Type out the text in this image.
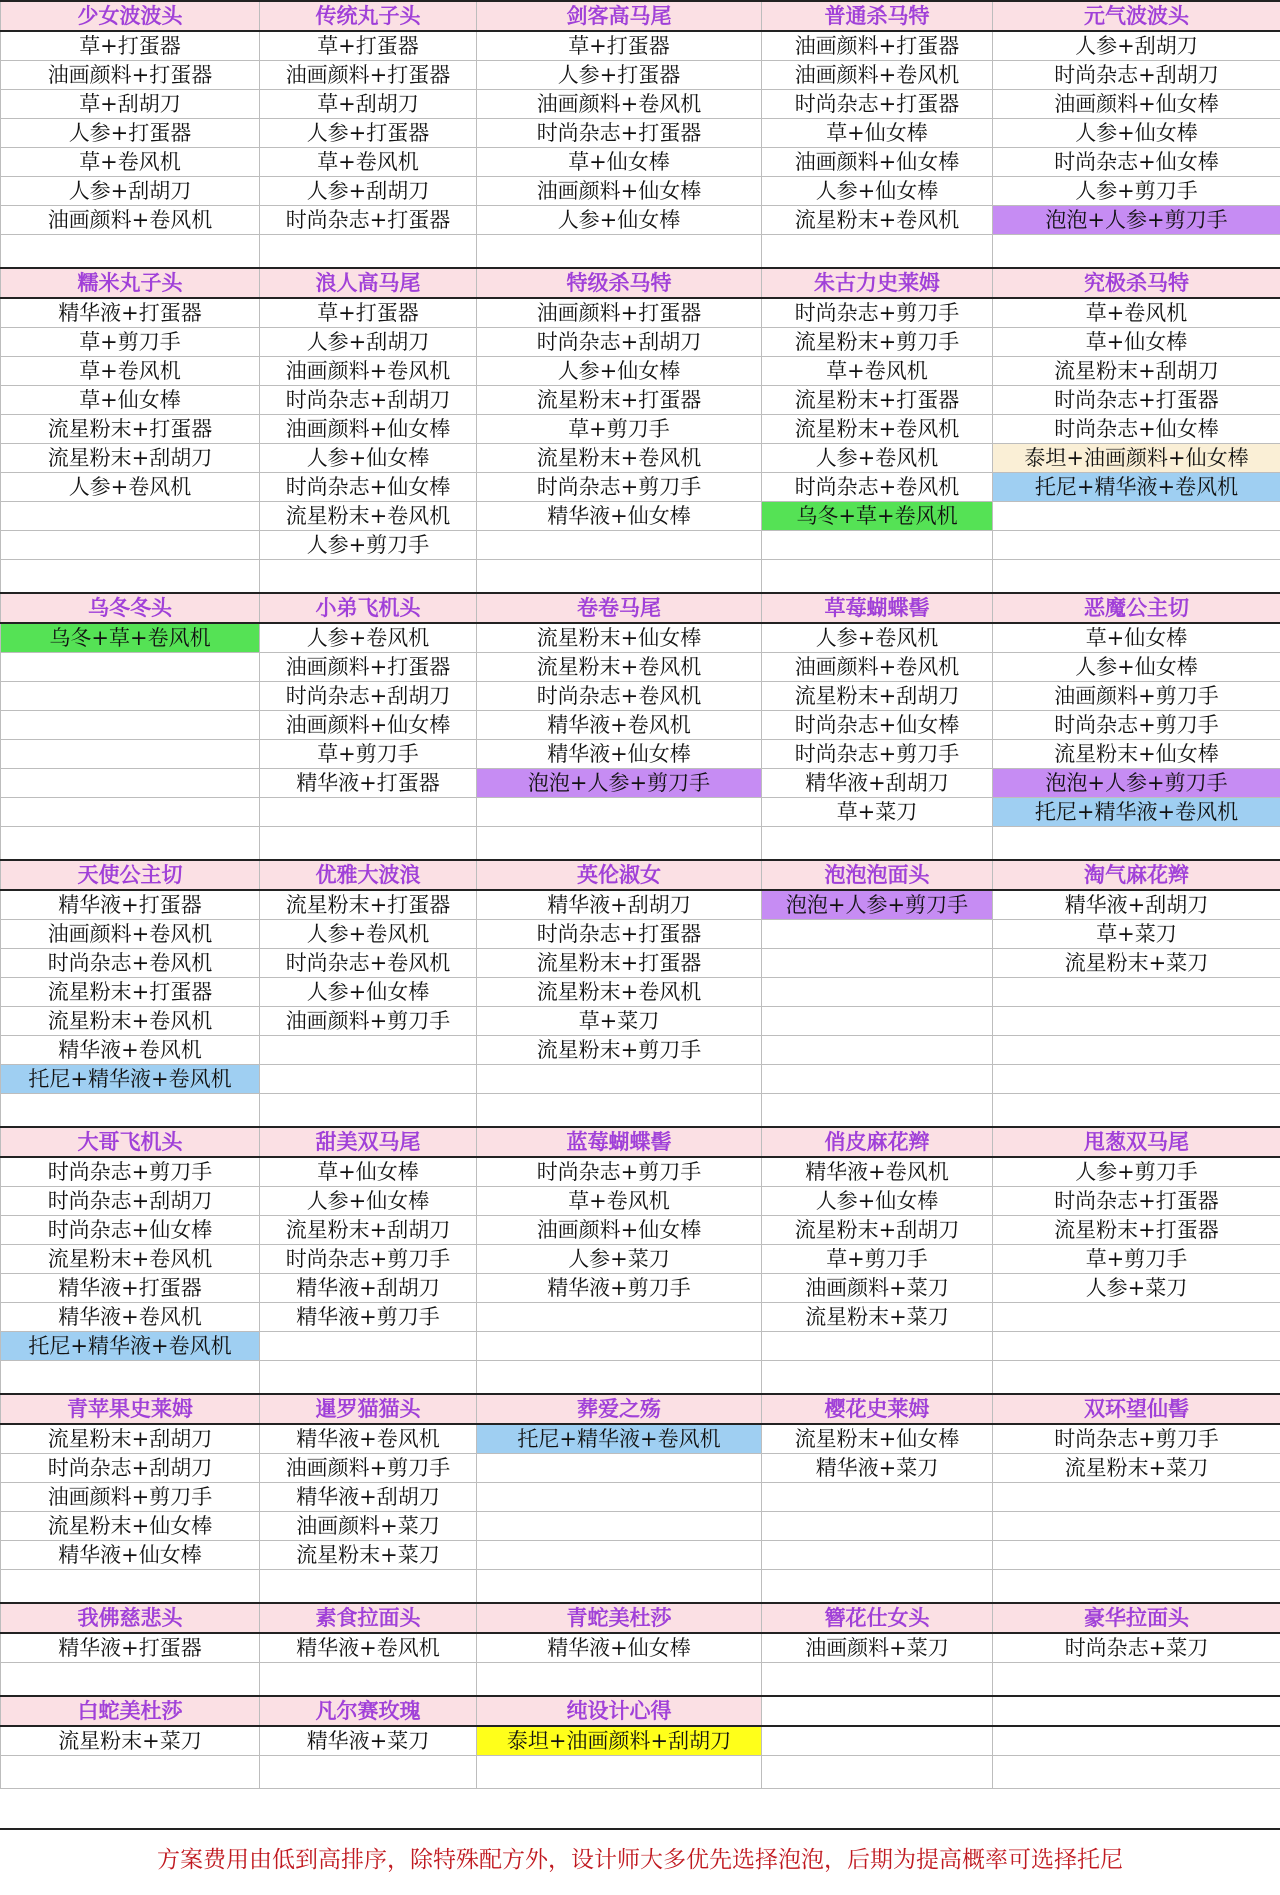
少女波波头	传统丸子头	剑客高马尾	普通杀马特	元气波波头
草+打蛋器	草+打蛋器	草+打蛋器	油画颜料+打蛋器	人参+刮胡刀
油画颜料+打蛋器	油画颜料+打蛋器	人参+打蛋器	油画颜料+卷风机	时尚杂志+刮胡刀
草+刮胡刀	草+刮胡刀	油画颜料+卷风机	时尚杂志+打蛋器	油画颜料+仙女棒
人参+打蛋器	人参+打蛋器	时尚杂志+打蛋器	草+仙女棒	人参+仙女棒
草+卷风机	草+卷风机	草+仙女棒	油画颜料+仙女棒	时尚杂志+仙女棒
人参+刮胡刀	人参+刮胡刀	油画颜料+仙女棒	人参+仙女棒	人参+剪刀手
油画颜料+卷风机	时尚杂志+打蛋器	人参+仙女棒	流星粉末+卷风机	泡泡+人参+剪刀手

糯米丸子头	浪人高马尾	特级杀马特	朱古力史莱姆	究极杀马特
精华液+打蛋器	草+打蛋器	油画颜料+打蛋器	时尚杂志+剪刀手	草+卷风机
草+剪刀手	人参+刮胡刀	时尚杂志+刮胡刀	流星粉末+剪刀手	草+仙女棒
草+卷风机	油画颜料+卷风机	人参+仙女棒	草+卷风机	流星粉末+刮胡刀
草+仙女棒	时尚杂志+刮胡刀	流星粉末+打蛋器	流星粉末+打蛋器	时尚杂志+打蛋器
流星粉末+打蛋器	油画颜料+仙女棒	草+剪刀手	流星粉末+卷风机	时尚杂志+仙女棒
流星粉末+刮胡刀	人参+仙女棒	流星粉末+卷风机	人参+卷风机	泰坦+油画颜料+仙女棒
人参+卷风机	时尚杂志+仙女棒	时尚杂志+剪刀手	时尚杂志+卷风机	托尼+精华液+卷风机
	流星粉末+卷风机	精华液+仙女棒	乌冬+草+卷风机	
	人参+剪刀手			

乌冬冬头	小弟飞机头	卷卷马尾	草莓蝴蝶髻	恶魔公主切
乌冬+草+卷风机	人参+卷风机	流星粉末+仙女棒	人参+卷风机	草+仙女棒
	油画颜料+打蛋器	流星粉末+卷风机	油画颜料+卷风机	人参+仙女棒
	时尚杂志+刮胡刀	时尚杂志+卷风机	流星粉末+刮胡刀	油画颜料+剪刀手
	油画颜料+仙女棒	精华液+卷风机	时尚杂志+仙女棒	时尚杂志+剪刀手
	草+剪刀手	精华液+仙女棒	时尚杂志+剪刀手	流星粉末+仙女棒
	精华液+打蛋器	泡泡+人参+剪刀手	精华液+刮胡刀	泡泡+人参+剪刀手
			草+菜刀	托尼+精华液+卷风机

天使公主切	优雅大波浪	英伦淑女	泡泡泡面头	淘气麻花辫
精华液+打蛋器	流星粉末+打蛋器	精华液+刮胡刀	泡泡+人参+剪刀手	精华液+刮胡刀
油画颜料+卷风机	人参+卷风机	时尚杂志+打蛋器		草+菜刀
时尚杂志+卷风机	时尚杂志+卷风机	流星粉末+打蛋器		流星粉末+菜刀
流星粉末+打蛋器	人参+仙女棒	流星粉末+卷风机		
流星粉末+卷风机	油画颜料+剪刀手	草+菜刀		
精华液+卷风机		流星粉末+剪刀手		
托尼+精华液+卷风机				

大哥飞机头	甜美双马尾	蓝莓蝴蝶髻	俏皮麻花辫	甩葱双马尾
时尚杂志+剪刀手	草+仙女棒	时尚杂志+剪刀手	精华液+卷风机	人参+剪刀手
时尚杂志+刮胡刀	人参+仙女棒	草+卷风机	人参+仙女棒	时尚杂志+打蛋器
时尚杂志+仙女棒	流星粉末+刮胡刀	油画颜料+仙女棒	流星粉末+刮胡刀	流星粉末+打蛋器
流星粉末+卷风机	时尚杂志+剪刀手	人参+菜刀	草+剪刀手	草+剪刀手
精华液+打蛋器	精华液+刮胡刀	精华液+剪刀手	油画颜料+菜刀	人参+菜刀
精华液+卷风机	精华液+剪刀手		流星粉末+菜刀	
托尼+精华液+卷风机				

青苹果史莱姆	暹罗猫猫头	葬爱之殇	樱花史莱姆	双环望仙髻
流星粉末+刮胡刀	精华液+卷风机	托尼+精华液+卷风机	流星粉末+仙女棒	时尚杂志+剪刀手
时尚杂志+刮胡刀	油画颜料+剪刀手		精华液+菜刀	流星粉末+菜刀
油画颜料+剪刀手	精华液+刮胡刀			
流星粉末+仙女棒	油画颜料+菜刀			
精华液+仙女棒	流星粉末+菜刀			

我佛慈悲头	素食拉面头	青蛇美杜莎	簪花仕女头	豪华拉面头
精华液+打蛋器	精华液+卷风机	精华液+仙女棒	油画颜料+菜刀	时尚杂志+菜刀

白蛇美杜莎	凡尔赛玫瑰	纯设计心得		
流星粉末+菜刀	精华液+菜刀	泰坦+油画颜料+刮胡刀		

方案费用由低到高排序，除特殊配方外，设计师大多优先选择泡泡，后期为提高概率可选择托尼
